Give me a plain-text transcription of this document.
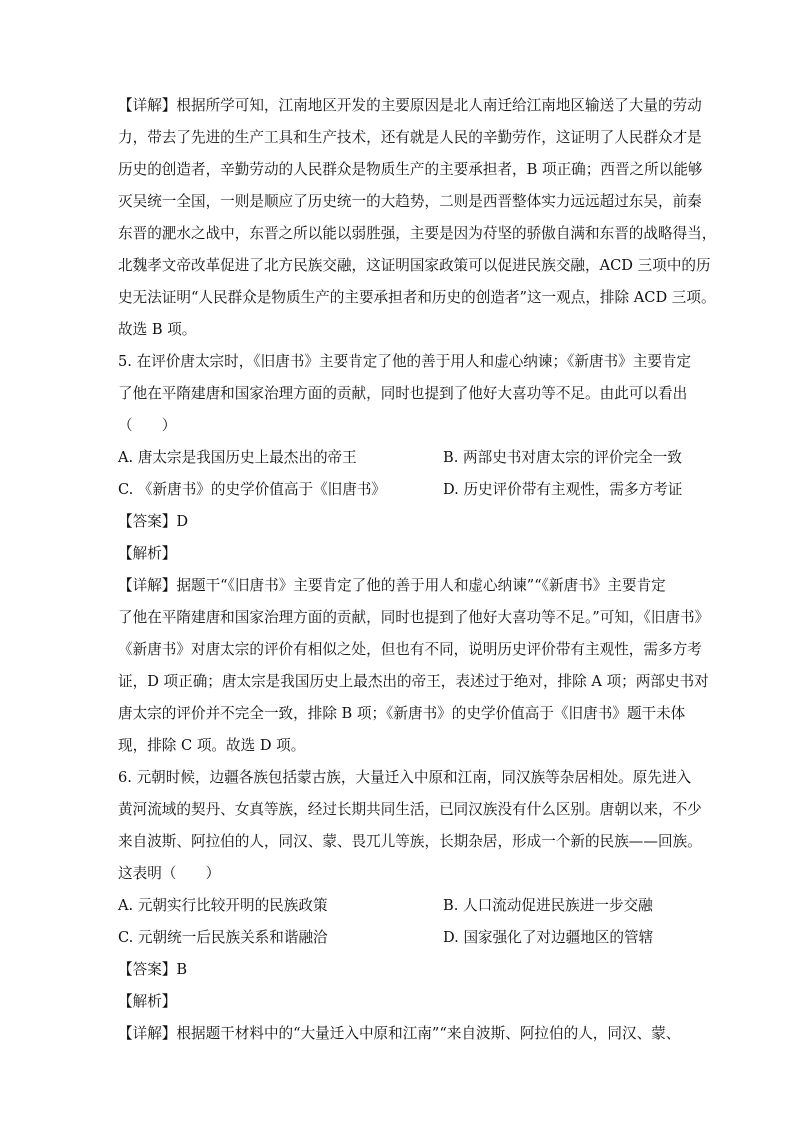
【详解】根据所学可知，江南地区开发的主要原因是北人南迁给江南地区输送了大量的劳动
力，带去了先进的生产工具和生产技术，还有就是人民的辛勤劳作，这证明了人民群众才是
历史的创造者，辛勤劳动的人民群众是物质生产的主要承担者，B 项正确；西晋之所以能够
灭吴统一全国，一则是顺应了历史统一的大趋势，二则是西晋整体实力远远超过东吴，前秦
东晋的淝水之战中，东晋之所以能以弱胜强，主要是因为苻坚的骄傲自满和东晋的战略得当，
北魏孝文帝改革促进了北方民族交融，这证明国家政策可以促进民族交融，ACD 三项中的历
史无法证明“人民群众是物质生产的主要承担者和历史的创造者”这一观点，排除 ACD 三项。
故选 B 项。
5. 在评价唐太宗时，《旧唐书》主要肯定了他的善于用人和虚心纳谏；《新唐书》主要肯定
了他在平隋建唐和国家治理方面的贡献，同时也提到了他好大喜功等不足。由此可以看出
（　　）
A. 唐太宗是我国历史上最杰出的帝王	B. 两部史书对唐太宗的评价完全一致
C. 《新唐书》的史学价值高于《旧唐书》	D. 历史评价带有主观性，需多方考证
【答案】D
【解析】
【详解】据题干“《旧唐书》主要肯定了他的善于用人和虚心纳谏”“《新唐书》主要肯定
了他在平隋建唐和国家治理方面的贡献，同时也提到了他好大喜功等不足。”可知，《旧唐书》
《新唐书》对唐太宗的评价有相似之处，但也有不同，说明历史评价带有主观性，需多方考
证，D 项正确；唐太宗是我国历史上最杰出的帝王，表述过于绝对，排除 A 项；两部史书对
唐太宗的评价并不完全一致，排除 B 项；《新唐书》的史学价值高于《旧唐书》题干未体
现，排除 C 项。故选 D 项。
6. 元朝时候，边疆各族包括蒙古族，大量迁入中原和江南，同汉族等杂居相处。原先进入
黄河流域的契丹、女真等族，经过长期共同生活，已同汉族没有什么区别。唐朝以来，不少
来自波斯、阿拉伯的人，同汉、蒙、畏兀儿等族，长期杂居，形成一个新的民族——回族。
这表明（　　）
A. 元朝实行比较开明的民族政策	B. 人口流动促进民族进一步交融
C. 元朝统一后民族关系和谐融洽	D. 国家强化了对边疆地区的管辖
【答案】B
【解析】
【详解】根据题干材料中的“大量迁入中原和江南”“来自波斯、阿拉伯的人，同汉、蒙、
